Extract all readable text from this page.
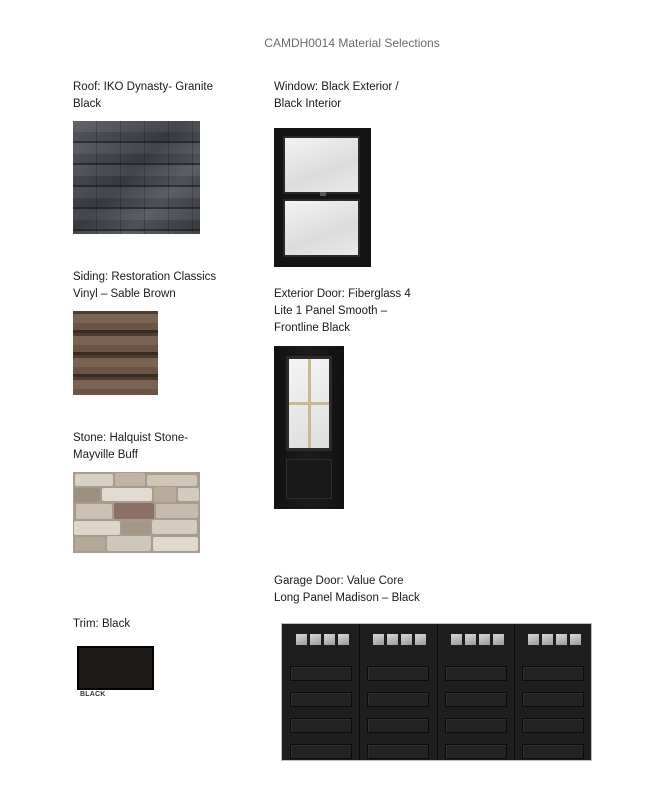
CAMDH0014 Material Selections
Roof: IKO Dynasty- Granite
Black
Window: Black Exterior /
Black Interior
Siding: Restoration Classics
Vinyl – Sable Brown	Exterior Door: Fiberglass 4
Lite 1 Panel Smooth –
Frontline Black
Stone: Halquist Stone-
Mayville Buff
Garage Door: Value Core
Long Panel Madison – Black
Trim: Black
BLACK
